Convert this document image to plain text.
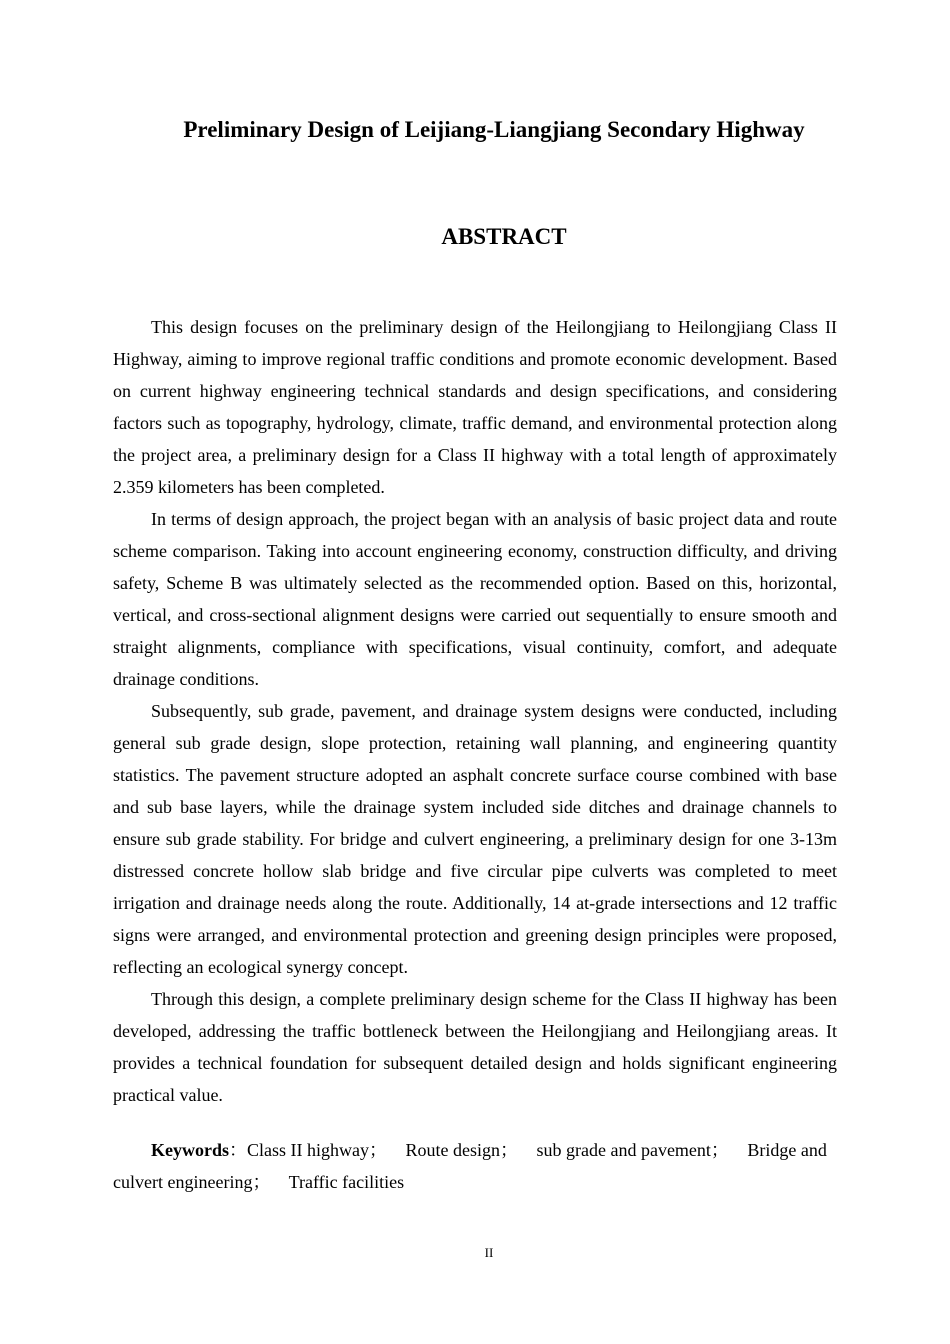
Preliminary Design of Leijiang-Liangjiang Secondary Highway
ABSTRACT

This design focuses on the preliminary design of the Heilongjiang to Heilongjiang Class II Highway, aiming to improve regional traffic conditions and promote economic development. Based on current highway engineering technical standards and design specifications, and considering factors such as topography, hydrology, climate, traffic demand, and environmental protection along the project area, a preliminary design for a Class II highway with a total length of approximately 2.359 kilometers has been completed.

In terms of design approach, the project began with an analysis of basic project data and route scheme comparison. Taking into account engineering economy, construction difficulty, and driving safety, Scheme B was ultimately selected as the recommended option. Based on this, horizontal, vertical, and cross-sectional alignment designs were carried out sequentially to ensure smooth and straight alignments, compliance with specifications, visual continuity, comfort, and adequate drainage conditions.

Subsequently, sub grade, pavement, and drainage system designs were conducted, including general sub grade design, slope protection, retaining wall planning, and engineering quantity statistics. The pavement structure adopted an asphalt concrete surface course combined with base and sub base layers, while the drainage system included side ditches and drainage channels to ensure sub grade stability. For bridge and culvert engineering, a preliminary design for one 3-13m distressed concrete hollow slab bridge and five circular pipe culverts was completed to meet irrigation and drainage needs along the route. Additionally, 14 at-grade intersections and 12 traffic signs were arranged, and environmental protection and greening design principles were proposed, reflecting an ecological synergy concept.

Through this design, a complete preliminary design scheme for the Class II highway has been developed, addressing the traffic bottleneck between the Heilongjiang and Heilongjiang areas. It provides a technical foundation for subsequent detailed design and holds significant engineering practical value.

Keywords：Class II highway； Route design； sub grade and pavement； Bridge and culvert engineering； Traffic facilities

II
